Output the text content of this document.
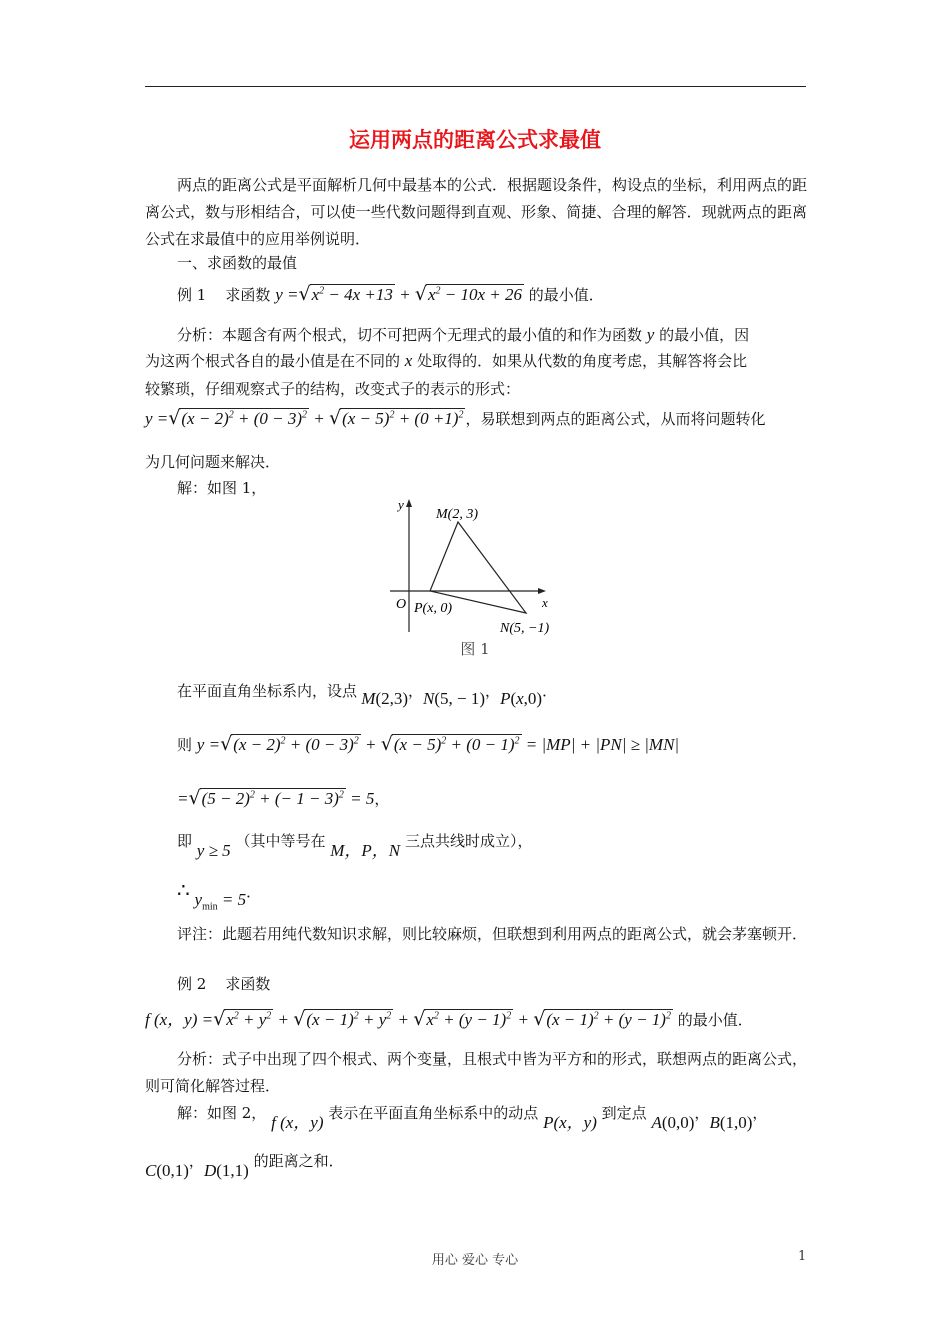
运用两点的距离公式求最值
两点的距离公式是平面解析几何中最基本的公式．根据题设条件，构设点的坐标，利用两点的距离公式，数与形相结合，可以使一些代数问题得到直观、形象、简捷、合理的解答．现就两点的距离公式在求最值中的应用举例说明．
一、求函数的最值
例 1 求函数 $y =√x^2 - 4x +13 + √x^2 - 10x + 26$ 的最小值．
分析：本题含有两个根式，切不可把两个无理式的最小值的和作为函数 y 的最小值，因
为这两个根式各自的最小值是在不同的 x 处取得的．如果从代数的角度考虑，其解答将会比
较繁琐，仔细观察式子的结构，改变式子的表示的形式：
$y =√(x - 2)^2 + (0 - 3)^2 + √(x - 5)^2 + (0 +1)^2$ ，易联想到两点的距离公式，从而将问题转化
为几何问题来解决．
解：如图 1，
y
x
O
M(2, 3)
P(x, 0)
N(5, −1)
图 1
在平面直角坐标系内，设点 M(2,3)，N(5, − 1)，P(x,0)．
则 $y =√(x - 2)^2 + (0 - 3)^2 + √(x - 5)^2 + (0 - 1)^2 = |MP| + |PN| \ge |MN|$
$=√(5 - 2)^2$ + (− 1 − 3)$^2$ = 5，
即 y ≥ 5 （其中等号在 M，P，N 三点共线时成立），
∴ $y_{min} = 5$．
评注：此题若用纯代数知识求解，则比较麻烦，但联想到利用两点的距离公式，就会茅塞顿开．
例 2 求函数
f (x，$y) =√x^2 + y^2 + √(x - 1)^2 + y^2 + √x^2 + (y - 1)^2 + √(x - 1)^2 + (y - 1)^2$ 的最小值．
分析：式子中出现了四个根式、两个变量，且根式中皆为平方和的形式，联想两点的距离公式，则可简化解答过程．
解：如图 2， f (x，y) 表示在平面直角坐标系中的动点 P(x，y) 到定点 A(0,0)，B(1,0)，
C(0,1)，D(1,1) 的距离之和．
用心 爱心 专心	1
